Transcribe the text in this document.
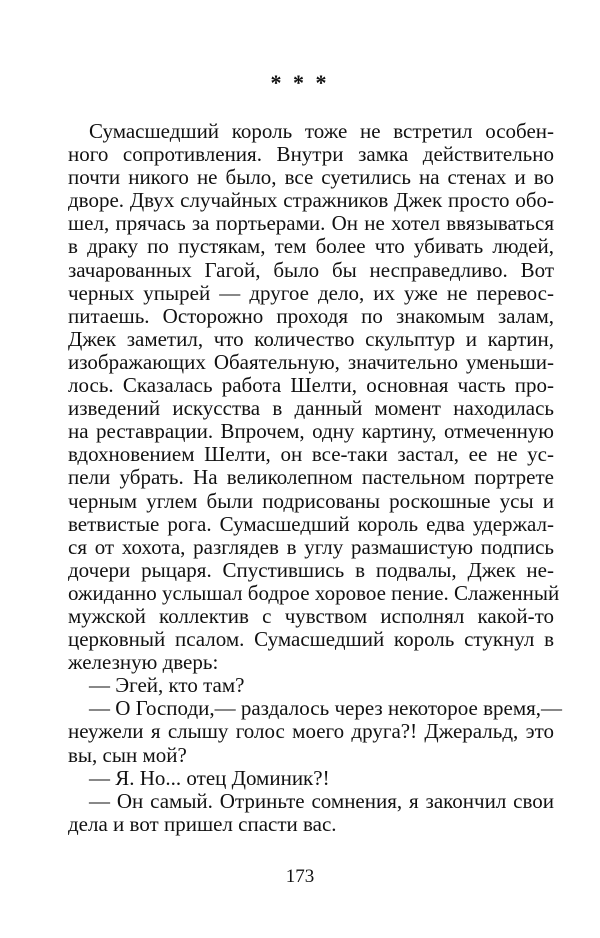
* * *
Сумасшедший король тоже не встретил особен-
ного сопротивления. Внутри замка действительно
почти никого не было, все суетились на стенах и во
дворе. Двух случайных стражников Джек просто обо-
шел, прячась за портьерами. Он не хотел ввязываться
в драку по пустякам, тем более что убивать людей,
зачарованных Гагой, было бы несправедливо. Вот
черных упырей — другое дело, их уже не перевос-
питаешь. Осторожно проходя по знакомым залам,
Джек заметил, что количество скульптур и картин,
изображающих Обаятельную, значительно уменьши-
лось. Сказалась работа Шелти, основная часть про-
изведений искусства в данный момент находилась
на реставрации. Впрочем, одну картину, отмеченную
вдохновением Шелти, он все-таки застал, ее не ус-
пели убрать. На великолепном пастельном портрете
черным углем были подрисованы роскошные усы и
ветвистые рога. Сумасшедший король едва удержал-
ся от хохота, разглядев в углу размашистую подпись
дочери рыцаря. Спустившись в подвалы, Джек не-
ожиданно услышал бодрое хоровое пение. Слаженный
мужской коллектив с чувством исполнял какой-то
церковный псалом. Сумасшедший король стукнул в
железную дверь:
— Эгей, кто там?
— О Господи,— раздалось через некоторое время,—
неужели я слышу голос моего друга?! Джеральд, это
вы, сын мой?
— Я. Но... отец Доминик?!
— Он самый. Отриньте сомнения, я закончил свои
дела и вот пришел спасти вас.
173
